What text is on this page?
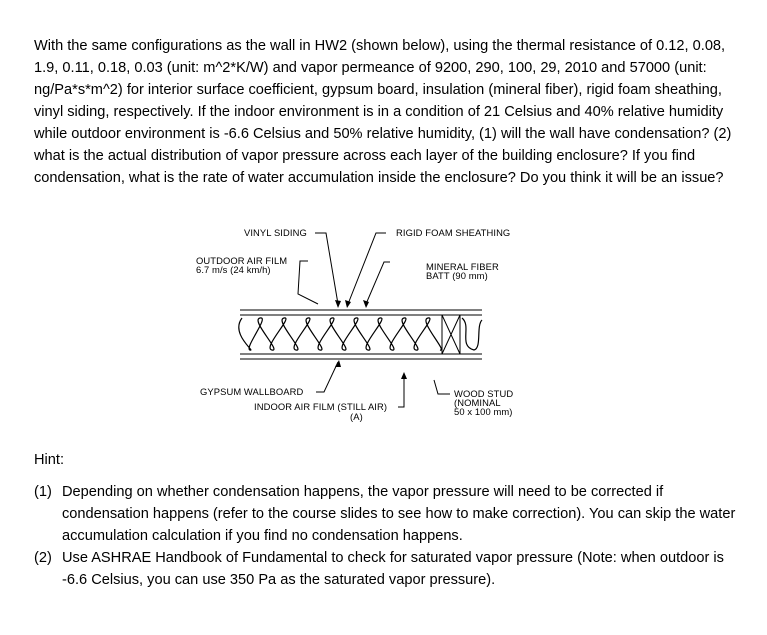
With the same configurations as the wall in HW2 (shown below), using the thermal resistance of 0.12, 0.08, 1.9, 0.11, 0.18, 0.03 (unit: m^2*K/W) and vapor permeance of 9200, 290, 100, 29, 2010 and 57000 (unit: ng/Pa*s*m^2) for interior surface coefficient, gypsum board, insulation (mineral fiber), rigid foam sheathing, vinyl siding, respectively. If the indoor environment is in a condition of 21 Celsius and 40% relative humidity while outdoor environment is -6.6 Celsius and 50% relative humidity, (1) will the wall have condensation? (2) what is the actual distribution of vapor pressure across each layer of the building enclosure? If you find condensation, what is the rate of water accumulation inside the enclosure? Do you think it will be an issue?

VINYL SIDING	RIGID FOAM SHEATHING
OUTDOOR AIR FILM
6.7 m/s (24 km/h)	MINERAL FIBER
BATT (90 mm)
GYPSUM WALLBOARD
INDOOR AIR FILM (STILL AIR)
(A)
WOOD STUD
(NOMINAL
50 x 100 mm)
Hint:

(1) Depending on whether condensation happens, the vapor pressure will need to be corrected if condensation happens (refer to the course slides to see how to make correction). You can skip the water accumulation calculation if you find no condensation happens.

(2) Use ASHRAE Handbook of Fundamental to check for saturated vapor pressure (Note: when outdoor is -6.6 Celsius, you can use 350 Pa as the saturated vapor pressure).
